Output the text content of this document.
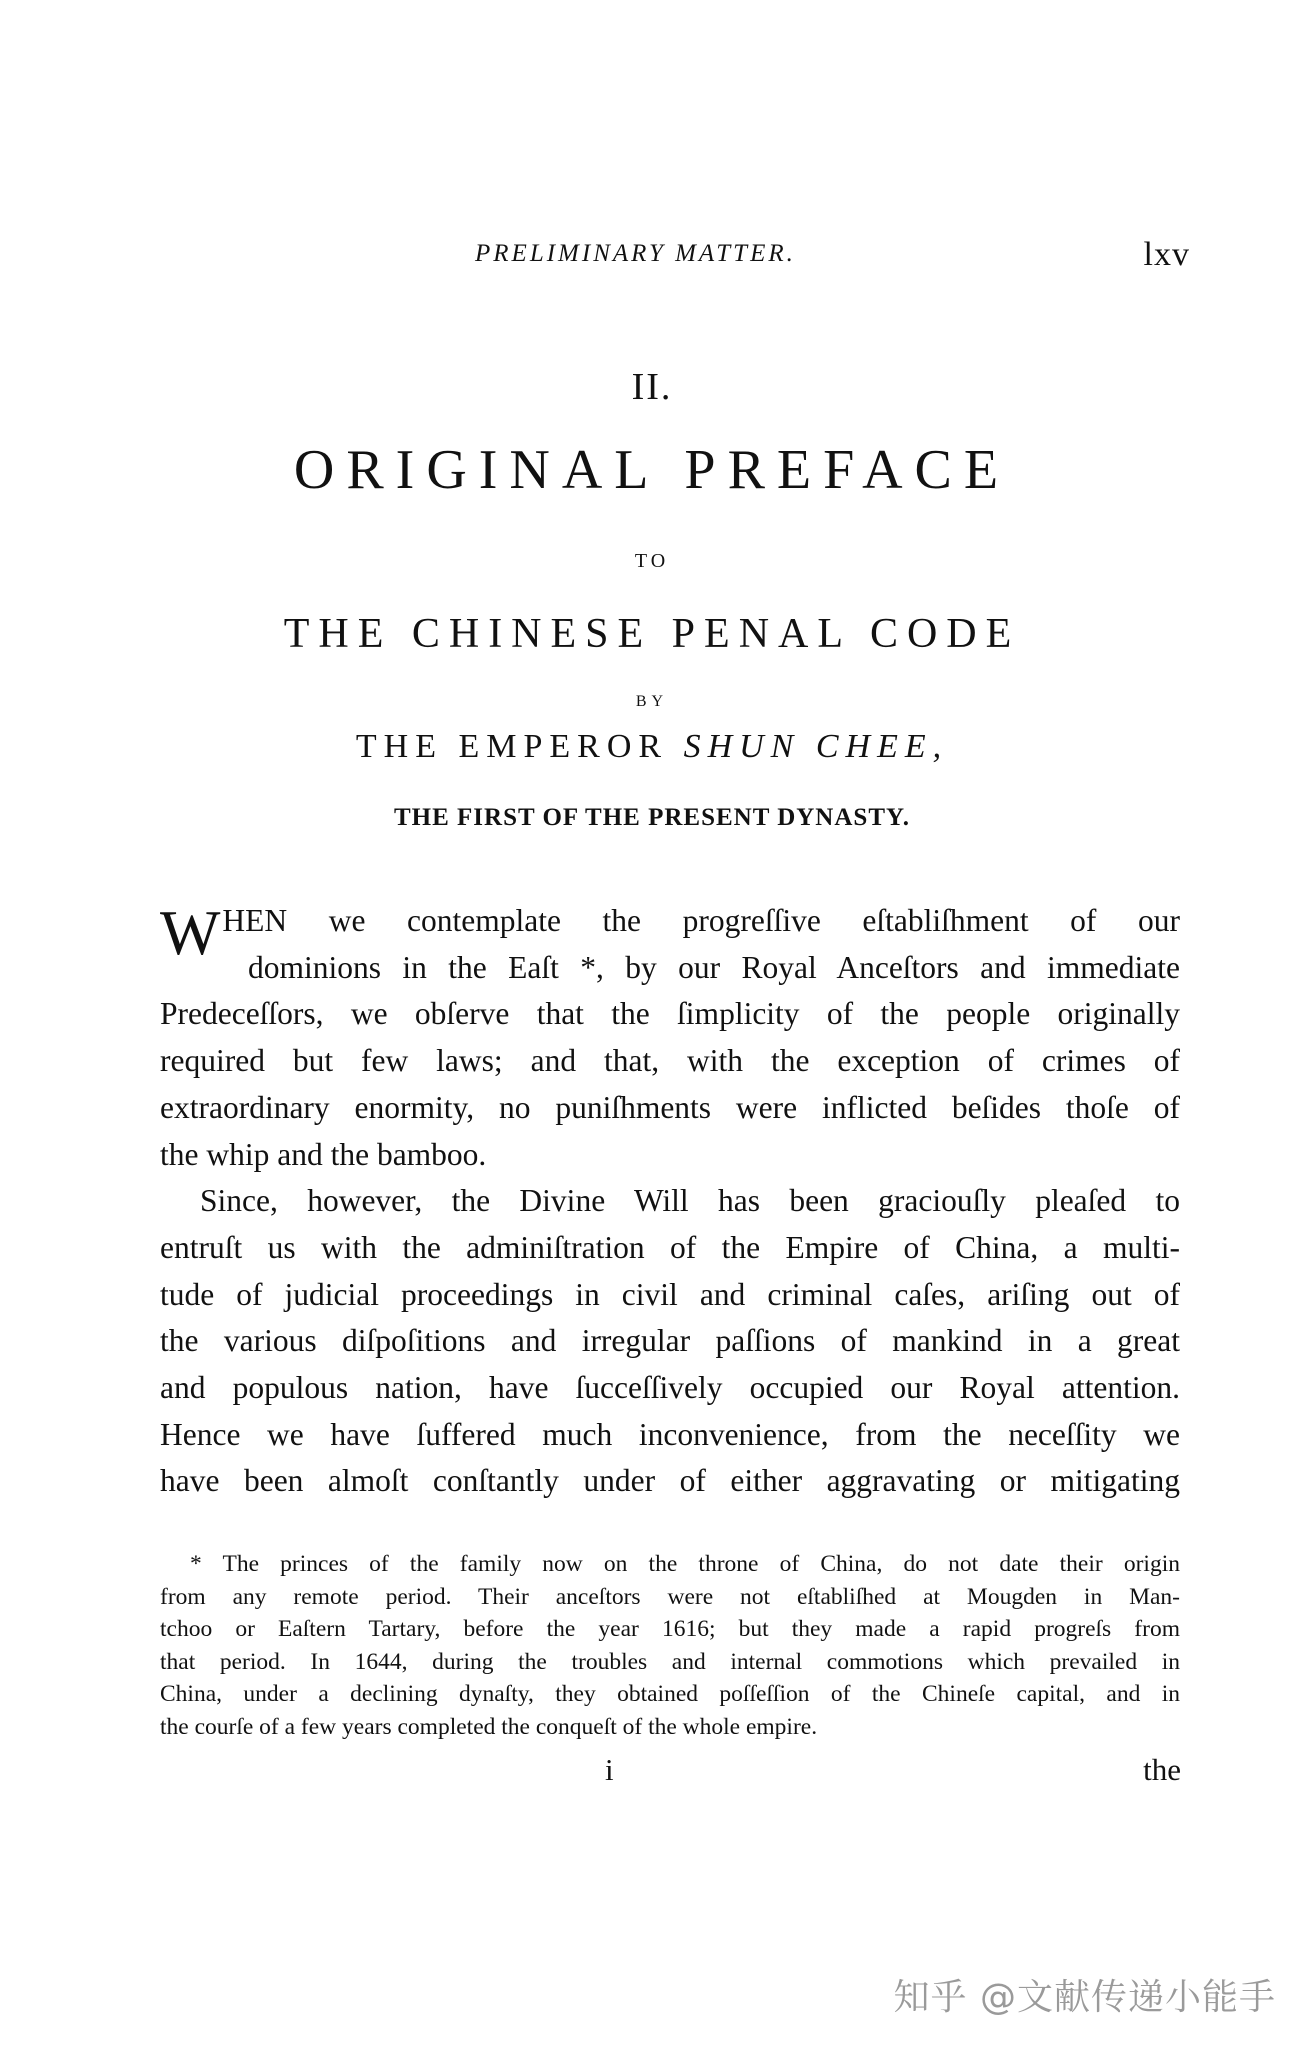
PRELIMINARY MATTER.	lxv
II.
ORIGINAL PREFACE
TO
THE CHINESE PENAL CODE
BY
THE EMPEROR SHUN CHEE,
THE FIRST OF THE PRESENT DYNASTY.
W HEN we contemplate the progreſſive eſtabliſhment of our
dominions in the Eaſt *, by our Royal Anceſtors and immediate
Predeceſſors, we obſerve that the ſimplicity of the people originally
required but few laws; and that, with the exception of crimes of
extraordinary enormity, no puniſhments were inflicted beſides thoſe of
the whip and the bamboo.
Since, however, the Divine Will has been graciouſly pleaſed to
entruſt us with the adminiſtration of the Empire of China, a multi-
tude of judicial proceedings in civil and criminal caſes, ariſing out of
the various diſpoſitions and irregular paſſions of mankind in a great
and populous nation, have ſucceſſively occupied our Royal attention.
Hence we have ſuffered much inconvenience, from the neceſſity we
have been almoſt conſtantly under of either aggravating or mitigating
* The princes of the family now on the throne of China, do not date their origin
from any remote period. Their anceſtors were not eſtabliſhed at Mougden in Man-
tchoo or Eaſtern Tartary, before the year 1616; but they made a rapid progreſs from
that period. In 1644, during the troubles and internal commotions which prevailed in
China, under a declining dynaſty, they obtained poſſeſſion of the Chineſe capital, and in
the courſe of a few years completed the conqueſt of the whole empire.
i	the
知乎 @文献传递小能手
